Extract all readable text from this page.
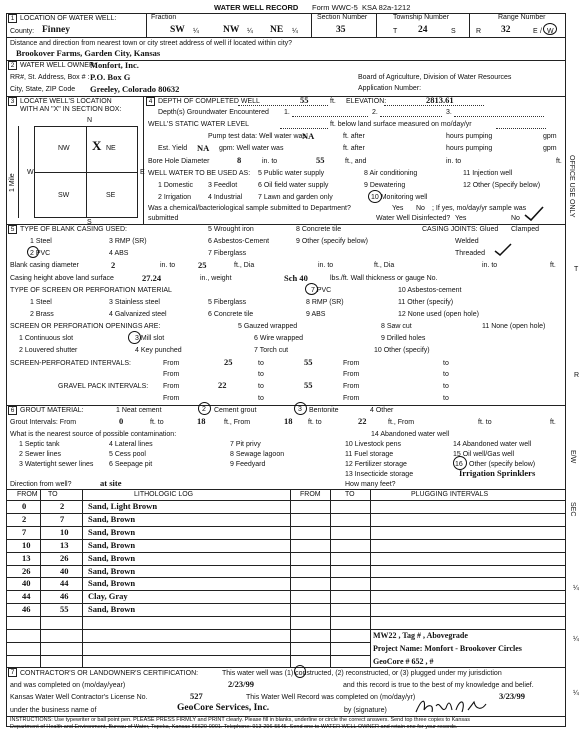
WATER WELL RECORD Form WWC-5 KSA 82a-1212
1 LOCATION OF WATER WELL:	Fraction	Section Number	Township Number	Range Number
County: Finney	SW ¼	NW ¼ NE ¼	35	T 24	S	R 32	E / W
Distance and direction from nearest town or city street address of well if located within city?
Brookover Farms, Garden City, Kansas
2 WATER WELL OWNER:
Monfort, Inc.
RR#, St. Address, Box # : P.O. Box G
City, State, ZIP Code Greeley, Colorado 80632
Board of Agriculture, Division of Water Resources
Application Number:
3 LOCATE WELL'S LOCATION
WITH AN "X" IN SECTION BOX:
N
NW	NE
SW	SE
X
W	E
S
1 Mile
4 DEPTH OF COMPLETED WELL	55	ft. ELEVATION:	2813.61
Depth(s) Groundwater Encountered 1.	2.	3.
WELL'S STATIC WATER LEVEL	ft. below land surface measured on mo/day/yr
Pump test data: Well water was
NA	ft. after	hours pumping	gpm
Est. Yield NA gpm: Well water was	ft. after	hours pumping	gpm
Bore Hole Diameter	8	in. to	55	ft., and	in. to	ft.
WELL WATER TO BE USED AS: 5 Public water supply	8 Air conditioning	11 Injection well
1 Domestic 3 Feedlot	6 Oil field water supply	9 Dewatering	12 Other (Specify below)
2 Irrigation 4 Industrial 7 Lawn and garden only	10 Monitoring well
Was a chemical/bacteriological sample submitted to Department?	Yes No ; If yes, mo/day/yr sample was
submitted	Water Well Disinfected? Yes	No
5 TYPE OF BLANK CASING USED:	5 Wrought iron	8 Concrete tile	CASING JOINTS: Glued Clamped
1 Steel	3 RMP (SR)	6 Asbestos-Cement	9 Other (specify below)	Welded
2 PVC	4 ABS	7 Fiberglass	Threaded
Blank casing diameter	2	in. to	25	ft., Dia	in. to	ft., Dia	in. to	ft.
Casing height above land surface	27.24	in., weight	Sch 40	lbs./ft. Wall thickness or gauge No.
TYPE OF SCREEN OR PERFORATION MATERIAL	7 PVC	10 Asbestos-cement
1 Steel	3 Stainless steel	5 Fiberglass	8 RMP (SR)	11 Other (specify)
2 Brass	4 Galvanized steel	6 Concrete tile	9 ABS	12 None used (open hole)
SCREEN OR PERFORATION OPENINGS ARE:	5 Gauzed wrapped	8 Saw cut	11 None (open hole)
1 Continuous slot	3 Mill slot	6 Wire wrapped	9 Drilled holes
2 Louvered shutter	4 Key punched	7 Torch cut	10 Other (specify)
SCREEN-PERFORATED INTERVALS:	From	25	to	55	From	to
From	to	From	to
GRAVEL PACK INTERVALS: From	22	to	55	From	to
From	to	From	to
6 GROUT MATERIAL:	1 Neat cement	2 Cement grout	3 Bentonite	4 Other
Grout Intervals: From	0	ft. to	18	ft., From	18 ft. to	22	ft., From	ft. to	ft.
What is the nearest source of possible contamination:	14 Abandoned water well
1 Septic tank	4 Lateral lines	7 Pit privy	10 Livestock pens	14 Abandoned water well
2 Sewer lines	5 Cess pool	8 Sewage lagoon	11 Fuel storage	15 Oil well/Gas well
3 Watertight sewer lines 6 Seepage pit	9 Feedyard	12 Fertilizer storage	16 Other (specify below)
13 Insecticide storage	Irrigation Sprinklers
Direction from well?	at site	How many feet?
FROM TO	LITHOLOGIC LOG	FROM	TO	PLUGGING INTERVALS
0	2	Sand, Light Brown
2	7	Sand, Brown
7	10 Sand, Brown
10	13 Sand, Brown
13	26 Sand, Brown
26	40 Sand, Brown
40	44 Sand, Brown
44	46 Clay, Gray
46	55 Sand, Brown
MW22 , Tag # , Abovegrade
Project Name: Monfort - Brookover Circles
GeoCore # 652 , #
7 CONTRACTOR'S OR LANDOWNER'S CERTIFICATION:	This water well was (1) constructed, (2) reconstructed, or (3) plugged under my jurisdiction
and was completed on (mo/day/year)	2/23/99	and this record is true to the best of my knowledge and belief.
Kansas Water Well Contractor's License No.	527	This Water Well Record was completed on (mo/day/yr)	3/23/99
under the business name of	GeoCore Services, Inc.	by (signature)
INSTRUCTIONS: Use typewriter or ball point pen. PLEASE PRESS FIRMLY and PRINT clearly. Please fill in blanks, underline or circle the correct answers. Send top three copies to Kansas
Department of Health and Environment, Bureau of Water, Topeka, Kansas 66620-0001. Telephone: 913-296-5545. Send one to WATER WELL OWNER and retain one for your records.
OFFICE USE ONLY
T
R
E/W
SEC
¼
¼
¼
